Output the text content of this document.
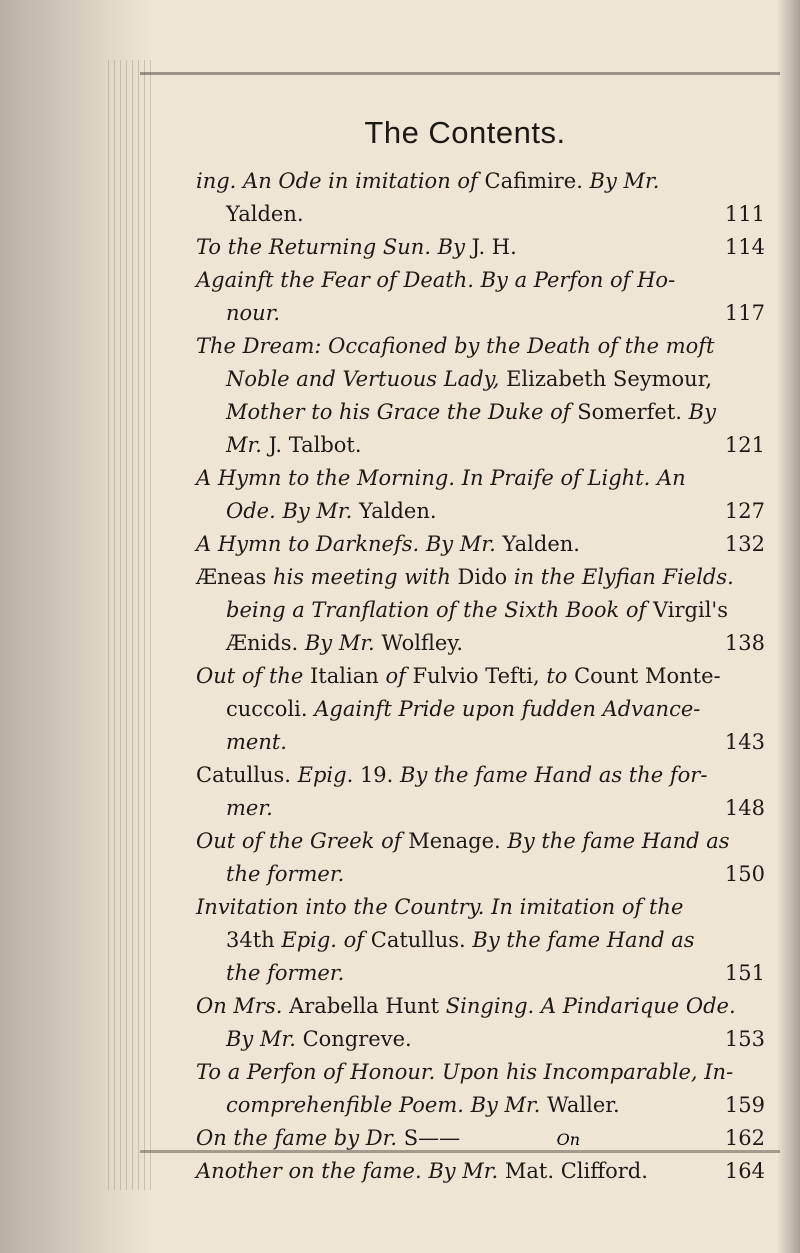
The Contents.
ing. An Ode in imitation of Cafimire. By Mr.
Yalden.	111
To the Returning Sun. By J. H.	114
Againft the Fear of Death. By a Perfon of Ho-
nour.	117
The Dream: Occafioned by the Death of the moft
Noble and Vertuous Lady, Elizabeth Seymour,
Mother to his Grace the Duke of Somerfet. By
Mr. J. Talbot.	121
A Hymn to the Morning. In Praife of Light. An
Ode. By Mr. Yalden.	127
A Hymn to Darknefs. By Mr. Yalden.	132
Æneas his meeting with Dido in the Elyfian Fields.
being a Tranflation of the Sixth Book of Virgil's
Ænids. By Mr. Wolfley.	138
Out of the Italian of Fulvio Tefti, to Count Monte-
cuccoli. Againft Pride upon fudden Advance-
ment.	143
Catullus. Epig. 19. By the fame Hand as the for-
mer.	148
Out of the Greek of Menage. By the fame Hand as
the former.	150
Invitation into the Country. In imitation of the
34th Epig. of Catullus. By the fame Hand as
the former.	151
On Mrs. Arabella Hunt Singing. A Pindarique Ode.
By Mr. Congreve.	153
To a Perfon of Honour. Upon his Incomparable, In-
comprehenfible Poem. By Mr. Waller.	159
On the fame by Dr. S——	162
Another on the fame. By Mr. Mat. Clifford.	164
On
